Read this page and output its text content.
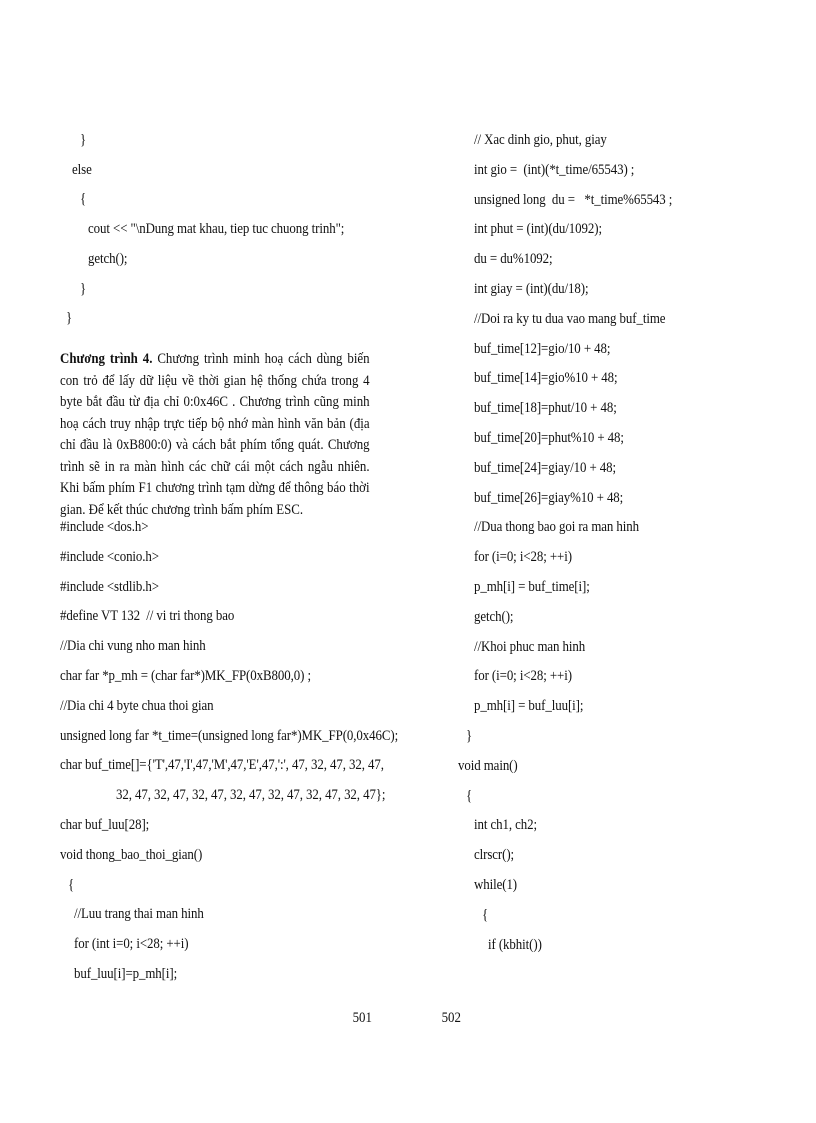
}
else
{
cout << "\nDung mat khau, tiep tuc chuong trinh";
getch();
}
}
Chương trình 4. Chương trình minh hoạ cách dùng biến con trỏ để lấy dữ liệu về thời gian hệ thống chứa trong 4 byte bắt đầu từ địa chỉ 0:0x46C . Chương trình cũng minh hoạ cách truy nhập trực tiếp bộ nhớ màn hình văn bản (địa chỉ đầu là 0xB800:0) và cách bắt phím tổng quát. Chương trình sẽ in ra màn hình các chữ cái một cách ngẫu nhiên. Khi bấm phím F1 chương trình tạm dừng để thông báo thời gian. Để kết thúc chương trình bấm phím ESC.
#include <dos.h>
#include <conio.h>
#include <stdlib.h>
#define VT 132  // vi tri thong bao
//Dia chi vung nho man hinh
char far *p_mh = (char far*)MK_FP(0xB800,0) ;
//Dia chi 4 byte chua thoi gian
unsigned long far *t_time=(unsigned long far*)MK_FP(0,0x46C);
char buf_time[]={'T',47,'I',47,'M',47,'E',47,':', 47, 32, 47, 32, 47,
32, 47, 32, 47, 32, 47, 32, 47, 32, 47, 32, 47, 32, 47};
char buf_luu[28];
void thong_bao_thoi_gian()
{
//Luu trang thai man hinh
for (int i=0; i<28; ++i)
buf_luu[i]=p_mh[i];
// Xac dinh gio, phut, giay
int gio =  (int)(*t_time/65543) ;
unsigned long  du =   *t_time%65543 ;
int phut = (int)(du/1092);
du = du%1092;
int giay = (int)(du/18);
//Doi ra ky tu dua vao mang buf_time
buf_time[12]=gio/10 + 48;
buf_time[14]=gio%10 + 48;
buf_time[18]=phut/10 + 48;
buf_time[20]=phut%10 + 48;
buf_time[24]=giay/10 + 48;
buf_time[26]=giay%10 + 48;
//Dua thong bao goi ra man hinh
for (i=0; i<28; ++i)
p_mh[i] = buf_time[i];
getch();
//Khoi phuc man hinh
for (i=0; i<28; ++i)
p_mh[i] = buf_luu[i];
}
void main()
{
int ch1, ch2;
clrscr();
while(1)
{
if (kbhit())
501	502
